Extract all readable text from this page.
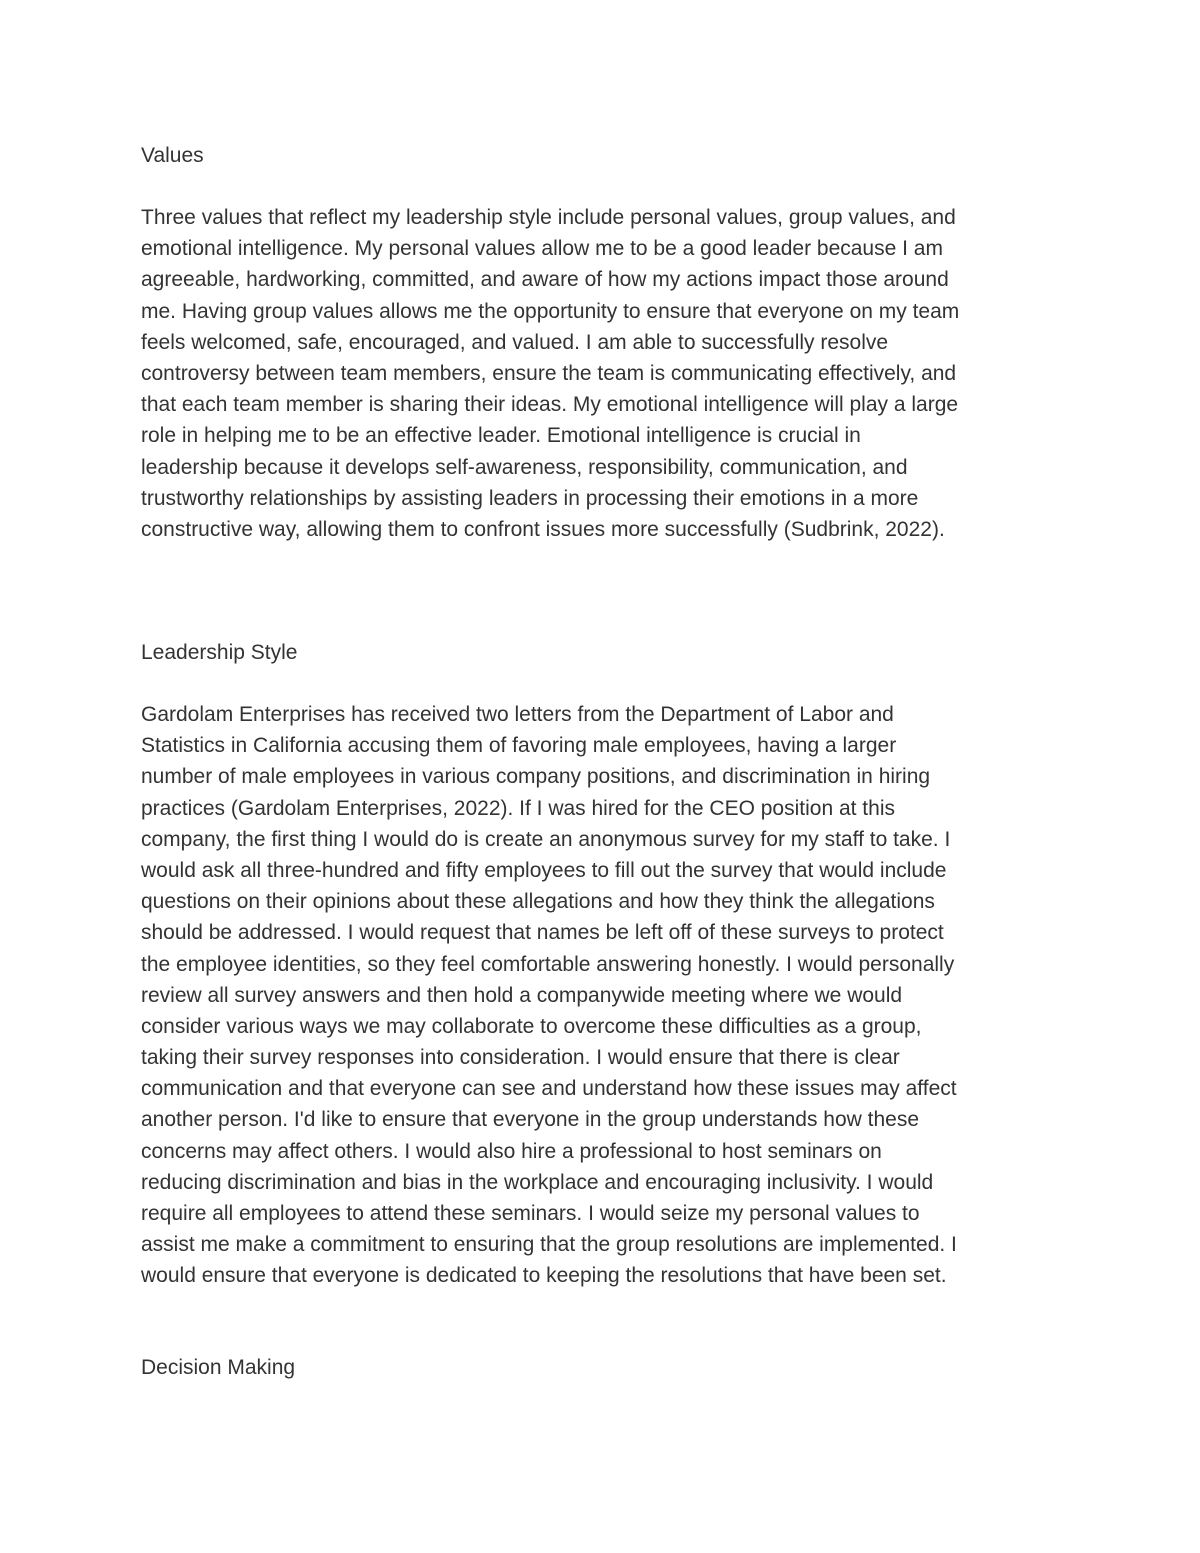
Values
Three values that reflect my leadership style include personal values, group values, and
emotional intelligence. My personal values allow me to be a good leader because I am
agreeable, hardworking, committed, and aware of how my actions impact those around
me. Having group values allows me the opportunity to ensure that everyone on my team
feels welcomed, safe, encouraged, and valued. I am able to successfully resolve
controversy between team members, ensure the team is communicating effectively, and
that each team member is sharing their ideas. My emotional intelligence will play a large
role in helping me to be an effective leader. Emotional intelligence is crucial in
leadership because it develops self-awareness, responsibility, communication, and
trustworthy relationships by assisting leaders in processing their emotions in a more
constructive way, allowing them to confront issues more successfully (Sudbrink, 2022).
Leadership Style
Gardolam Enterprises has received two letters from the Department of Labor and
Statistics in California accusing them of favoring male employees, having a larger
number of male employees in various company positions, and discrimination in hiring
practices (Gardolam Enterprises, 2022). If I was hired for the CEO position at this
company, the first thing I would do is create an anonymous survey for my staff to take. I
would ask all three-hundred and fifty employees to fill out the survey that would include
questions on their opinions about these allegations and how they think the allegations
should be addressed. I would request that names be left off of these surveys to protect
the employee identities, so they feel comfortable answering honestly. I would personally
review all survey answers and then hold a companywide meeting where we would
consider various ways we may collaborate to overcome these difficulties as a group,
taking their survey responses into consideration. I would ensure that there is clear
communication and that everyone can see and understand how these issues may affect
another person. I'd like to ensure that everyone in the group understands how these
concerns may affect others. I would also hire a professional to host seminars on
reducing discrimination and bias in the workplace and encouraging inclusivity. I would
require all employees to attend these seminars. I would seize my personal values to
assist me make a commitment to ensuring that the group resolutions are implemented. I
would ensure that everyone is dedicated to keeping the resolutions that have been set.
Decision Making
